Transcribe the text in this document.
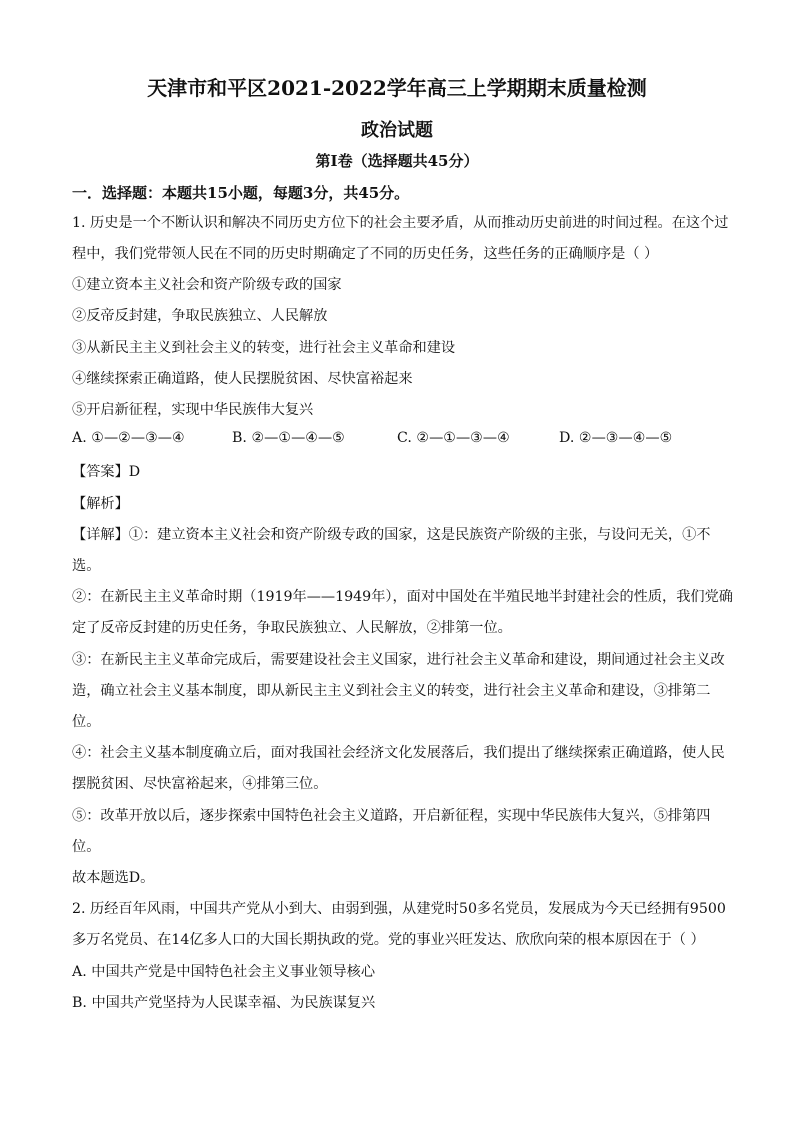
天津市和平区2021-2022学年高三上学期期末质量检测
政治试题
第Ⅰ卷（选择题共45分）
一．选择题：本题共15小题，每题3分，共45分。
1. 历史是一个不断认识和解决不同历史方位下的社会主要矛盾，从而推动历史前进的时间过程。在这个过
程中，我们党带领人民在不同的历史时期确定了不同的历史任务，这些任务的正确顺序是（ ）
①建立资本主义社会和资产阶级专政的国家
②反帝反封建，争取民族独立、人民解放
③从新民主主义到社会主义的转变，进行社会主义革命和建设
④继续探索正确道路，使人民摆脱贫困、尽快富裕起来
⑤开启新征程，实现中华民族伟大复兴
A. ①—②—③—④	B. ②—①—④—⑤	C. ②—①—③—④	D. ②—③—④—⑤
【答案】D
【解析】
【详解】①：建立资本主义社会和资产阶级专政的国家，这是民族资产阶级的主张，与设问无关，①不
选。
②：在新民主主义革命时期（1919年——1949年），面对中国处在半殖民地半封建社会的性质，我们党确
定了反帝反封建的历史任务，争取民族独立、人民解放，②排第一位。
③：在新民主主义革命完成后，需要建设社会主义国家，进行社会主义革命和建设，期间通过社会主义改
造，确立社会主义基本制度，即从新民主主义到社会主义的转变，进行社会主义革命和建设，③排第二
位。
④：社会主义基本制度确立后，面对我国社会经济文化发展落后，我们提出了继续探索正确道路，使人民
摆脱贫困、尽快富裕起来，④排第三位。
⑤：改革开放以后，逐步探索中国特色社会主义道路，开启新征程，实现中华民族伟大复兴，⑤排第四
位。
故本题选D。
2. 历经百年风雨，中国共产党从小到大、由弱到强，从建党时50多名党员，发展成为今天已经拥有9500
多万名党员、在14亿多人口的大国长期执政的党。党的事业兴旺发达、欣欣向荣的根本原因在于（ ）
A. 中国共产党是中国特色社会主义事业领导核心
B. 中国共产党坚持为人民谋幸福、为民族谋复兴
